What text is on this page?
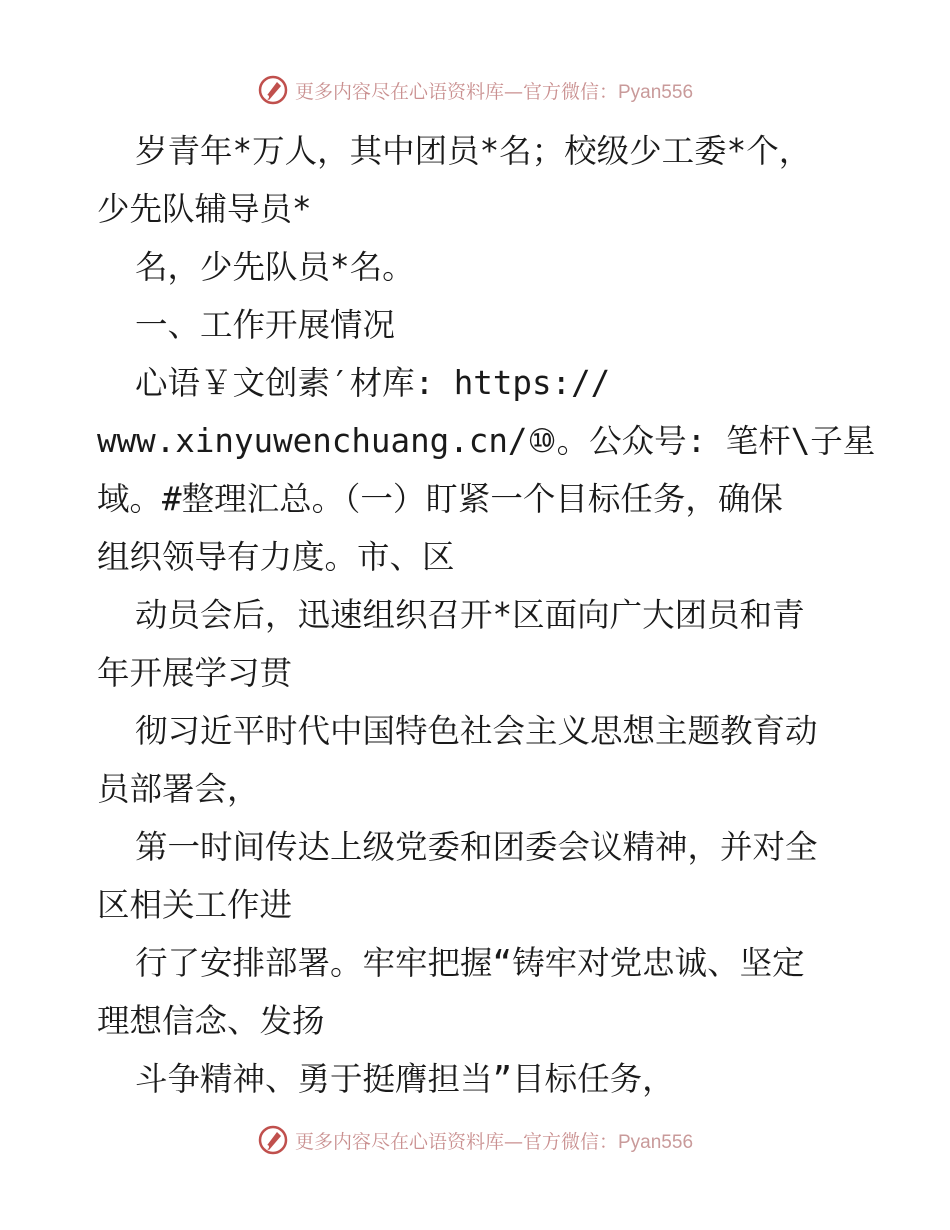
更多内容尽在心语资料库—官方微信：Pyan556
岁青年*万人，其中团员*名；校级少工委*个，
少先队辅导员*
名，少先队员*名。
一、工作开展情况
心语￥文创素′材库: https://
www.xinyuwenchuang.cn/⑩。公众号: 笔杆\子星
域。#整理汇总。（一）盯紧一个目标任务，确保
组织领导有力度。市、区
动员会后，迅速组织召开*区面向广大团员和青
年开展学习贯
彻习近平时代中国特色社会主义思想主题教育动
员部署会，
第一时间传达上级党委和团委会议精神，并对全
区相关工作进
行了安排部署。牢牢把握“铸牢对党忠诚、坚定
理想信念、发扬
斗争精神、勇于挺膺担当”目标任务，
更多内容尽在心语资料库—官方微信：Pyan556
